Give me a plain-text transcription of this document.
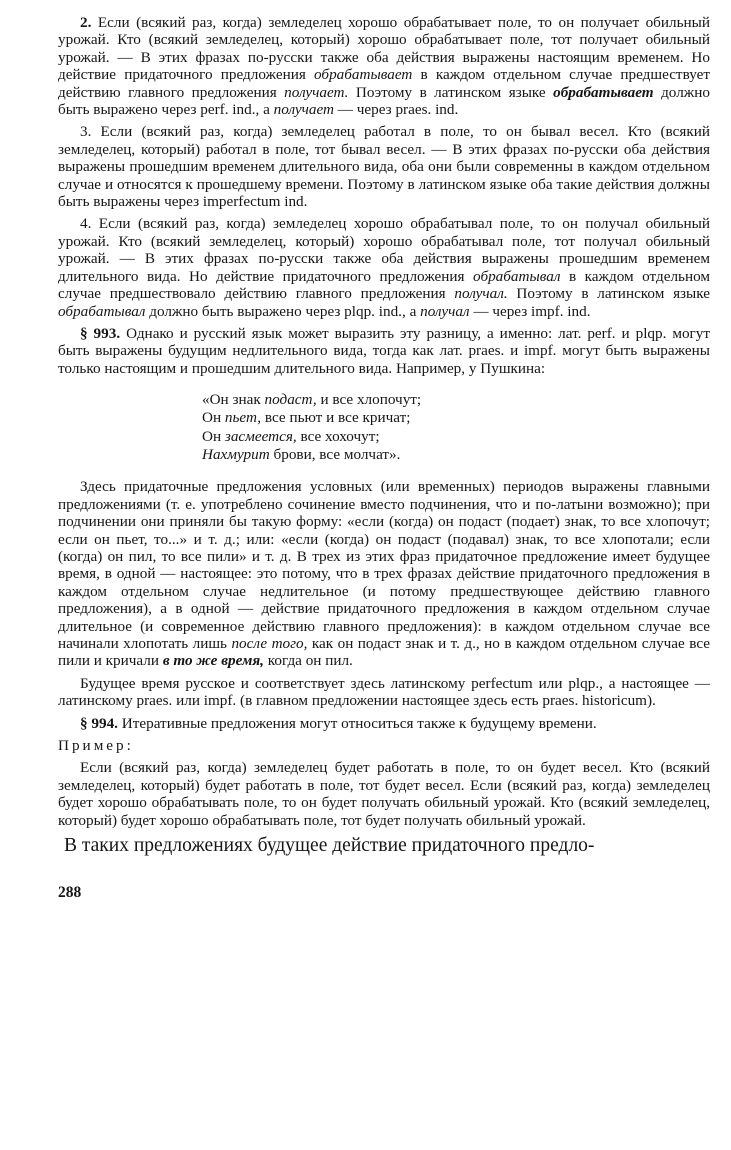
2. Если (всякий раз, когда) земледелец хорошо обрабатывает поле, то он получает обильный урожай. Кто (всякий земледелец, который) хорошо обрабатывает поле, тот получает обильный урожай. — В этих фразах по-русски также оба действия выражены настоящим временем. Но действие придаточного предложения обрабатывает в каждом отдельном случае предшествует действию главного предложения получает. Поэтому в латинском языке обрабатывает должно быть выражено через perf. ind., а получает — через praes. ind.

3. Если (всякий раз, когда) земледелец работал в поле, то он бывал весел. Кто (всякий земледелец, который) работал в поле, тот бывал весел. — В этих фразах по-русски оба действия выражены прошедшим временем длительного вида, оба они были современны в каждом отдельном случае и относятся к прошедшему времени. Поэтому в латинском языке оба такие действия должны быть выражены через imperfectum ind.

4. Если (всякий раз, когда) земледелец хорошо обрабатывал поле, то он получал обильный урожай. Кто (всякий земледелец, который) хорошо обрабатывал поле, тот получал обильный урожай. — В этих фразах по-русски также оба действия выражены прошедшим временем длительного вида. Но действие придаточного предложения обрабатывал в каждом отдельном случае предшествовало действию главного предложения получал. Поэтому в латинском языке обрабатывал должно быть выражено через plqp. ind., а получал — через impf. ind.

§ 993. Однако и русский язык может выразить эту разницу, а именно: лат. perf. и plqp. могут быть выражены будущим недлительного вида, тогда как лат. praes. и impf. могут быть выражены только настоящим и прошедшим длительного вида. Например, у Пушкина:

«Он знак подаст, и все хлопочут;
Он пьет, все пьют и все кричат;
Он засмеется, все хохочут;
Нахмурит брови, все молчат».

Здесь придаточные предложения условных (или временных) периодов выражены главными предложениями (т. е. употреблено сочинение вместо подчинения, что и по-латыни возможно); при подчинении они приняли бы такую форму: «если (когда) он подаст (подает) знак, то все хлопочут; если он пьет, то...» и т. д.; или: «если (когда) он подаст (подавал) знак, то все хлопотали; если (когда) он пил, то все пили» и т. д. В трех из этих фраз придаточное предложение имеет будущее время, в одной — настоящее: это потому, что в трех фразах действие придаточного предложения в каждом отдельном случае недлительное (и потому предшествующее действию главного предложения), а в одной — действие придаточного предложения в каждом отдельном случае длительное (и современное действию главного предложения): в каждом отдельном случае все начинали хлопотать лишь после того, как он подаст знак и т. д., но в каждом отдельном случае все пили и кричали в то же время, когда он пил.

Будущее время русское и соответствует здесь латинскому perfectum или plqp., а настоящее — латинскому praes. или impf. (в главном предложении настоящее здесь есть praes. historicum).

§ 994. Итеративные предложения могут относиться также к будущему времени.

Пример:

Если (всякий раз, когда) земледелец будет работать в поле, то он будет весел. Кто (всякий земледелец, который) будет работать в поле, тот будет весел. Если (всякий раз, когда) земледелец будет хорошо обрабатывать поле, то он будет получать обильный урожай. Кто (всякий земледелец, который) будет хорошо обрабатывать поле, тот будет получать обильный урожай.

В таких предложениях будущее действие придаточного предло-

288
